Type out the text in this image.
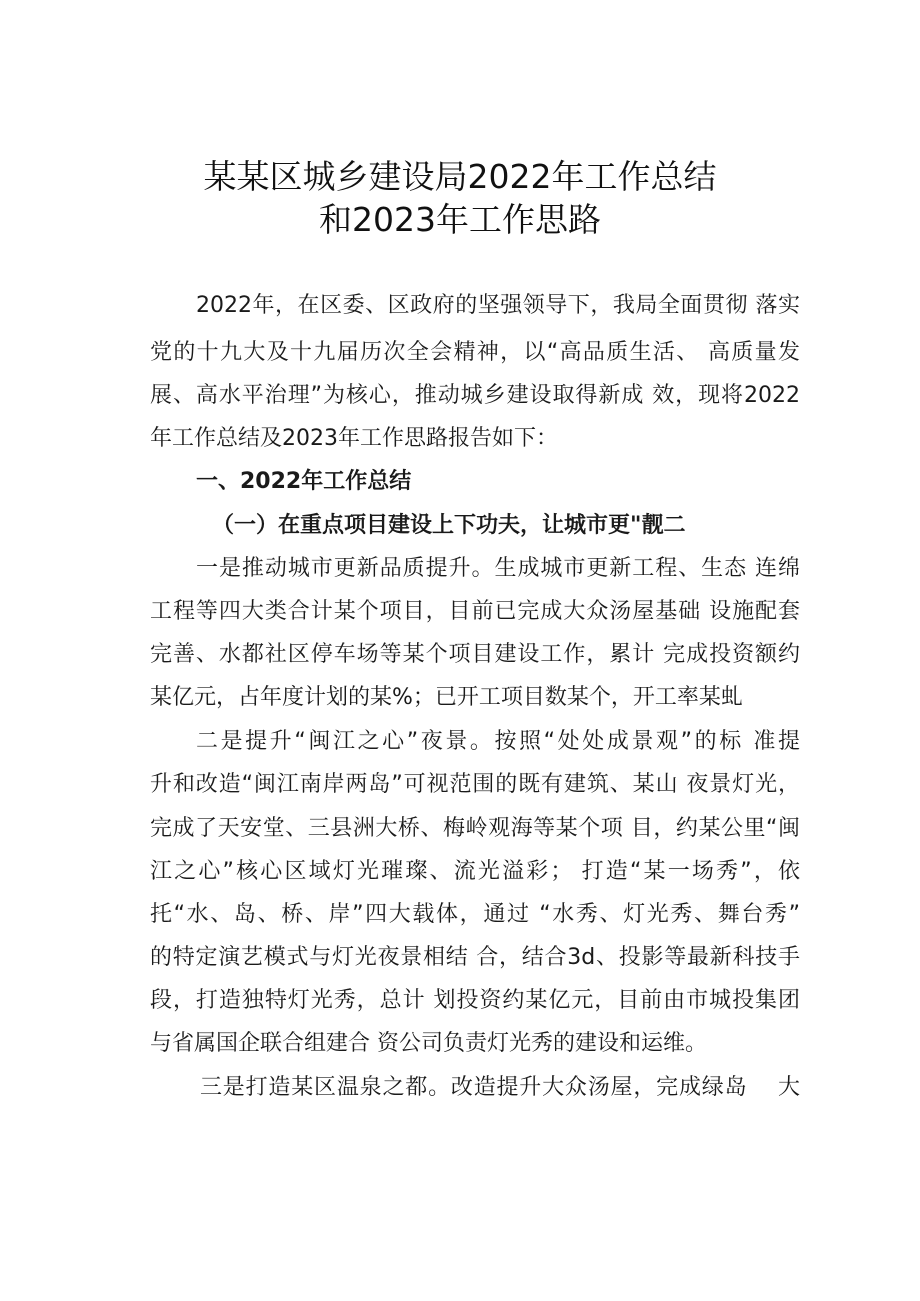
某某区城乡建设局2022年工作总结
和2023年工作思路

2022年，在区委、区政府的坚强领导下，我局全面贯彻 落实

党的十九大及十九届历次全会精神，以“高品质生活、 高质量发

展、高水平治理”为核心，推动城乡建设取得新成 效，现将2022

年工作总结及2023年工作思路报告如下：

一、2022年工作总结

（一）在重点项目建设上下功夫，让城市更"靓二

一是推动城市更新品质提升。生成城市更新工程、生态 连绵

工程等四大类合计某个项目，目前已完成大众汤屋基础 设施配套

完善、水都社区停车场等某个项目建设工作，累计 完成投资额约

某亿元，占年度计划的某%；已开工项目数某个，开工率某虬

二是提升“闽江之心”夜景。按照“处处成景观”的标 准提

升和改造“闽江南岸两岛”可视范围的既有建筑、某山 夜景灯光，

完成了天安堂、三县洲大桥、梅岭观海等某个项 目，约某公里“闽

江之心”核心区域灯光璀璨、流光溢彩； 打造“某一场秀”，依

托“水、岛、桥、岸”四大载体，通过 “水秀、灯光秀、舞台秀”

的特定演艺模式与灯光夜景相结 合，结合3d、投影等最新科技手

段，打造独特灯光秀，总计 划投资约某亿元，目前由市城投集团

与省属国企联合组建合 资公司负责灯光秀的建设和运维。

三是打造某区温泉之都。改造提升大众汤屋，完成绿岛　 大
